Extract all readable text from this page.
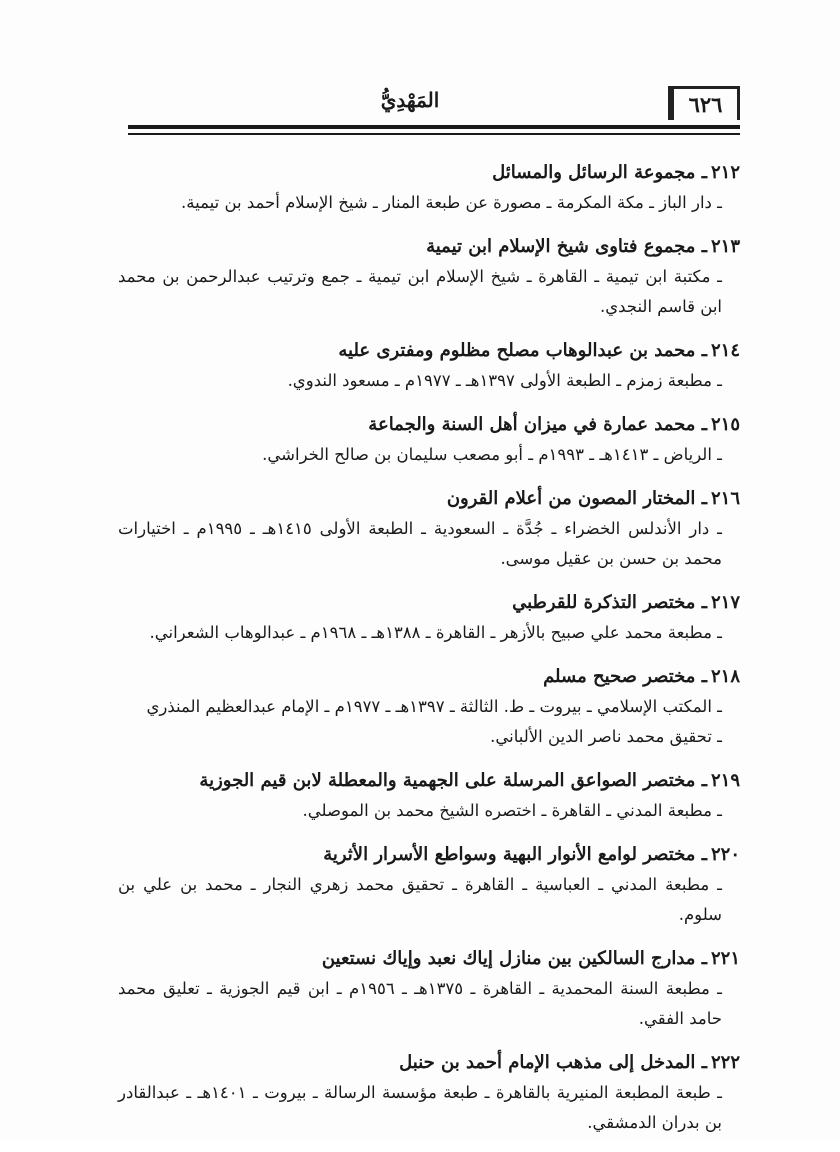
٦٢٦
المَهْدِيُّ
٢١٢ـ مجموعة الرسائل والمسائل
ـ دار الباز ـ مكة المكرمة ـ مصورة عن طبعة المنار ـ شيخ الإسلام أحمد بن تيمية.
٢١٣ـ مجموع فتاوى شيخ الإسلام ابن تيمية
ـ مكتبة ابن تيمية ـ القاهرة ـ شيخ الإسلام ابن تيمية ـ جمع وترتيب عبدالرحمن بن محمد ابن قاسم النجدي.
٢١٤ـ محمد بن عبدالوهاب مصلح مظلوم ومفترى عليه
ـ مطبعة زمزم ـ الطبعة الأولى ١٣٩٧هـ ـ ١٩٧٧م ـ مسعود الندوي.
٢١٥ـ محمد عمارة في ميزان أهل السنة والجماعة
ـ الرياض ـ ١٤١٣هـ ـ ١٩٩٣م ـ أبو مصعب سليمان بن صالح الخراشي.
٢١٦ـ المختار المصون من أعلام القرون
ـ دار الأندلس الخضراء ـ جُدَّة ـ السعودية ـ الطبعة الأولى ١٤١٥هـ ـ ١٩٩٥م ـ اختيارات محمد بن حسن بن عقيل موسى.
٢١٧ـ مختصر التذكرة للقرطبي
ـ مطبعة محمد علي صبيح بالأزهر ـ القاهرة ـ ١٣٨٨هـ ـ ١٩٦٨م ـ عبدالوهاب الشعراني.
٢١٨ـ مختصر صحيح مسلم
ـ المكتب الإسلامي ـ بيروت ـ ط. الثالثة ـ ١٣٩٧هـ ـ ١٩٧٧م ـ الإمام عبدالعظيم المنذري
ـ تحقيق محمد ناصر الدين الألباني.
٢١٩ـ مختصر الصواعق المرسلة على الجهمية والمعطلة لابن قيم الجوزية
ـ مطبعة المدني ـ القاهرة ـ اختصره الشيخ محمد بن الموصلي.
٢٢٠ـ مختصر لوامع الأنوار البهية وسواطع الأسرار الأثرية
ـ مطبعة المدني ـ العباسية ـ القاهرة ـ تحقيق محمد زهري النجار ـ محمد بن علي بن سلوم.
٢٢١ـ مدارج السالكين بين منازل إياك نعبد وإياك نستعين
ـ مطبعة السنة المحمدية ـ القاهرة ـ ١٣٧٥هـ ـ ١٩٥٦م ـ ابن قيم الجوزية ـ تعليق محمد حامد الفقي.
٢٢٢ـ المدخل إلى مذهب الإمام أحمد بن حنبل
ـ طبعة المطبعة المنيرية بالقاهرة ـ طبعة مؤسسة الرسالة ـ بيروت ـ ١٤٠١هـ ـ عبدالقادر بن بدران الدمشقي.
